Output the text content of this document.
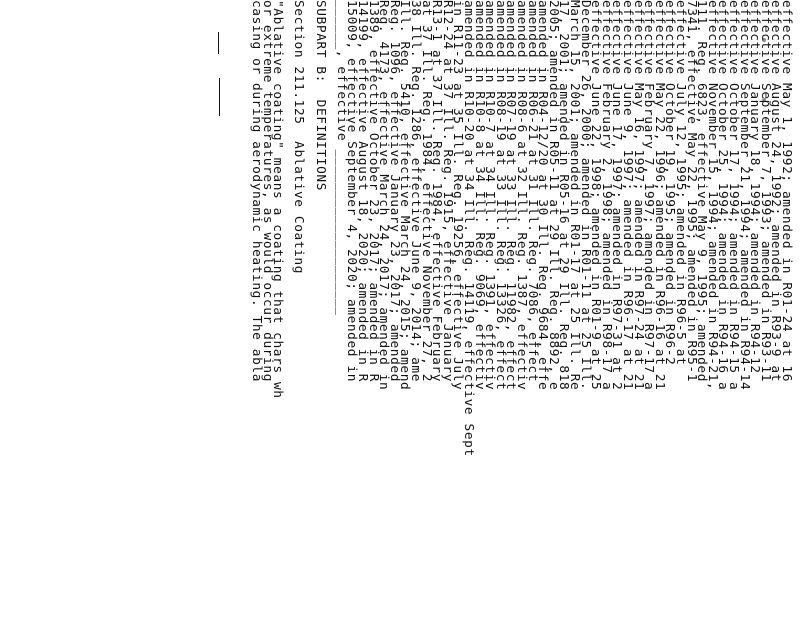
effective May 1, 1992; amended in R01-24 at 16
effective August 24, 1992; amended in R93-9 at
effective September 7, 1993; amended in R93-11
effective January 18, 1994; amended in R94-12
effective September 21, 1994; amended in R94-14
effective October 17, 1994; amended in R94-15 a
effective October 25, 1994; amended in R94-16 a
effective November 15, 1994; amended in R94-21,
111. Reg. 6823, effective May 9, 1995; amended
7341, effective May 22, 1995; amended in R95-1
effective July 12, 1995; amended in R96-5 at
effective October 19, 1995; amended in R96-2
effective May 22, 1996; amended in R96-16 at 21
effective February 7, 1997; amended in R97-17 a
effective May 16, 1997; amended in R97-24 at 21
effective June 9, 1997; amended in R96-17 at 21
effective June 17, 1997; amended in R97-31 at 2
effective February 2, 1998; amended in R98-17 a
effective June 22, 1998; amended in R01-9 at 25
December 26, 2000; amended in R01-11 at 25 Ill.
March 15, 2001; amended in R01-17 at 25 Ill. Re
17, 2001; amended in R05-16 at 29 Ill. Reg. 818
2005; amended in R05-11 at 29 Ill. Reg. 8892, e
amended in R04-12/20 at 30 Ill. Reg. 9684, effe
amended in R06-21 at 31 Ill. Reg. 7086, effect
amended in R08-6 at 32 Ill. Reg. 1387, effectiv
amended in R07-19 at 33 Ill. Reg. 11982, effect
amended in R08-19 at 33 Ill. Reg. 13326, effect
amended in R10-7 at 34 Ill. Reg. 1391, effectiv
amended in R10-8 at 34 Ill. Reg. 9069, effectiv
amended in R10-20 at 34 Ill. Reg. 14119, effective Sept
in R11-23 at 35 Ill. Reg. 19256, effective July
R12-24 at 37 Ill. Reg. 1915, effective January
R13-1 at 37 Ill. Reg. 1984, effective February
at 37 Ill. Reg. 1984, effective November 27, 2
38 Ill. Reg. 1286, effective June 9, 2014; ame
Ill. Reg. 5410, effective March 24, 2015; amend
Reg. 1096, effective January 23, 2017; amended
Reg. 4173, effective March 24, 2017; amended in
1389, effective October 23, 2017; amended in R
14199, effective August 18, 2020; amended in R
15009, effective September 4, 2020; amended in
______, effective ____________________
SUBPART B:  DEFINITIONS
Section 211.125  Ablative Coating
"Ablative coating" means a coating that chars wh
or extreme temperatures, as would occur during
casing or during aerodynamic heating. The abla
